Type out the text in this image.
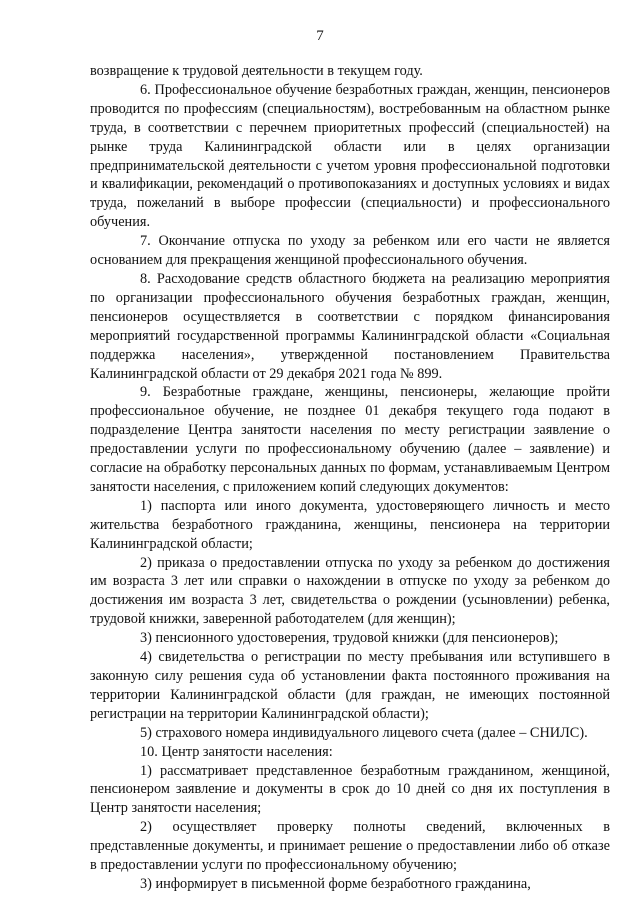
7

возвращение к трудовой деятельности в текущем году.

6. Профессиональное обучение безработных граждан, женщин, пенсионеров проводится по профессиям (специальностям), востребованным на областном рынке труда, в соответствии с перечнем приоритетных профессий (специальностей) на рынке труда Калининградской области или в целях организации предпринимательской деятельности с учетом уровня профессиональной подготовки и квалификации, рекомендаций о противопоказаниях и доступных условиях и видах труда, пожеланий в выборе профессии (специальности) и профессионального обучения.

7. Окончание отпуска по уходу за ребенком или его части не является основанием для прекращения женщиной профессионального обучения.

8. Расходование средств областного бюджета на реализацию мероприятия по организации профессионального обучения безработных граждан, женщин, пенсионеров осуществляется в соответствии с порядком финансирования мероприятий государственной программы Калининградской области «Социальная поддержка населения», утвержденной постановлением Правительства Калининградской области от 29 декабря 2021 года № 899.

9. Безработные граждане, женщины, пенсионеры, желающие пройти профессиональное обучение, не позднее 01 декабря текущего года подают в подразделение Центра занятости населения по месту регистрации заявление о предоставлении услуги по профессиональному обучению (далее – заявление) и согласие на обработку персональных данных по формам, устанавливаемым Центром занятости населения, с приложением копий следующих документов:

1) паспорта или иного документа, удостоверяющего личность и место жительства безработного гражданина, женщины, пенсионера на территории Калининградской области;

2) приказа о предоставлении отпуска по уходу за ребенком до достижения им возраста 3 лет или справки о нахождении в отпуске по уходу за ребенком до достижения им возраста 3 лет, свидетельства о рождении (усыновлении) ребенка, трудовой книжки, заверенной работодателем (для женщин);

3) пенсионного удостоверения, трудовой книжки (для пенсионеров);

4) свидетельства о регистрации по месту пребывания или вступившего в законную силу решения суда об установлении факта постоянного проживания на территории Калининградской области (для граждан, не имеющих постоянной регистрации на территории Калининградской области);

5) страхового номера индивидуального лицевого счета (далее – СНИЛС).

10. Центр занятости населения:

1) рассматривает представленное безработным гражданином, женщиной, пенсионером заявление и документы в срок до 10 дней со дня их поступления в Центр занятости населения;

2) осуществляет проверку полноты сведений, включенных в представленные документы, и принимает решение о предоставлении либо об отказе в предоставлении услуги по профессиональному обучению;

3) информирует в письменной форме безработного гражданина,
